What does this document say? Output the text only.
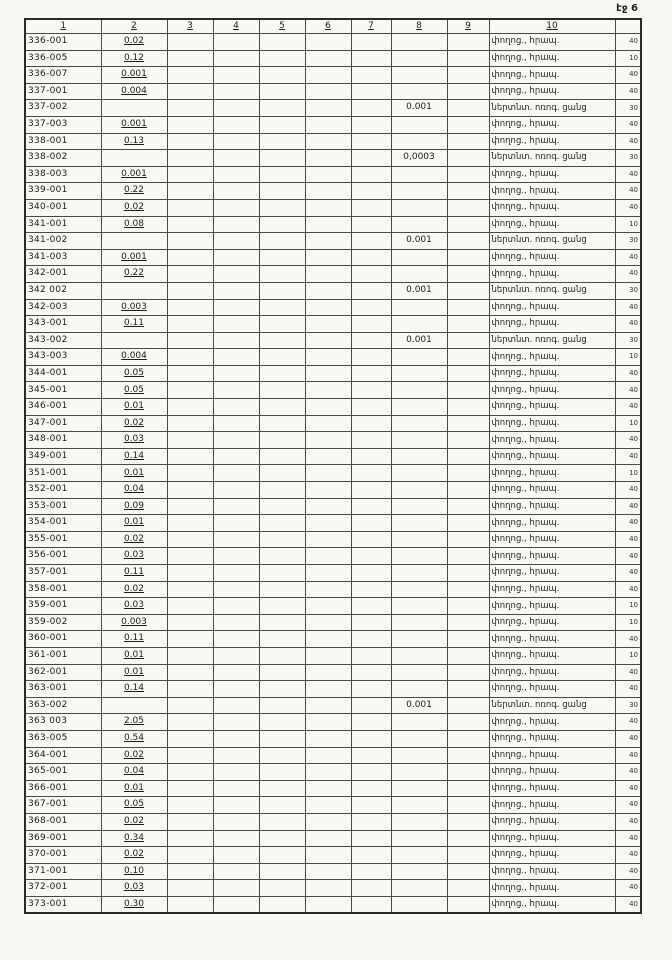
էջ 6
1	2	3	4	5	6	7	8	9	10	
336-001	0.02								փողոց., հրապ.	40
336-005	0.12								փողոց., հրապ.	10
336-007	0.001								փողոց., հրապ.	40
337-001	0.004								փողոց., հրապ.	40
337-002							0.001		ներտնտ. ոռոգ. ցանց	30
337-003	0.001								փողոց., հրապ.	40
338-001	0.13								փողոց., հրապ.	40
338-002							0,0003		ներտնտ. ոռոգ. ցանց	30
338-003	0.001								փողոց., հրապ.	40
339-001	0.22								փողոց., հրապ.	40
340-001	0.02								փողոց., հրապ.	40
341-001	0.08								փողոց., հրապ.	10
341-002							0.001		ներտնտ. ոռոգ. ցանց	30
341-003	0.001								փողոց., հրապ.	40
342-001	0.22								փողոց., հրապ.	40
342 002							0.001		ներտնտ. ոռոգ. ցանց	30
342-003	0.003								փողոց., հրապ.	40
343-001	0.11								փողոց., հրապ.	40
343-002							0.001		ներտնտ. ոռոգ. ցանց	30
343-003	0.004								փողոց., հրապ.	10
344-001	0.05								փողոց., հրապ.	40
345-001	0.05								փողոց., հրապ.	40
346-001	0.01								փողոց., հրապ.	40
347-001	0.02								փողոց., հրապ.	10
348-001	0.03								փողոց., հրապ.	40
349-001	0.14								փողոց., հրապ.	40
351-001	0.01								փողոց., հրապ.	10
352-001	0.04								փողոց., հրապ.	40
353-001	0.09								փողոց., հրապ.	40
354-001	0.01								փողոց., հրապ.	40
355-001	0.02								փողոց., հրապ.	40
356-001	0.03								փողոց., հրապ.	40
357-001	0.11								փողոց., հրապ.	40
358-001	0.02								փողոց., հրապ.	40
359-001	0.03								փողոց., հրապ.	10
359-002	0.003								փողոց., հրապ.	10
360-001	0.11								փողոց., հրապ.	40
361-001	0.01								փողոց., հրապ.	10
362-001	0.01								փողոց., հրապ.	40
363-001	0.14								փողոց., հրապ.	40
363-002							0.001		ներտնտ. ոռոգ. ցանց	30
363 003	2.05								փողոց., հրապ.	40
363-005	0.54								փողոց., հրապ.	40
364-001	0.02								փողոց., հրապ.	40
365-001	0.04								փողոց., հրապ.	40
366-001	0.01								փողոց., հրապ.	40
367-001	0.05								փողոց., հրապ.	40
368-001	0.02								փողոց., հրապ.	40
369-001	0.34								փողոց., հրապ.	40
370-001	0.02								փողոց., հրապ.	40
371-001	0.10								փողոց., հրապ.	40
372-001	0.03								փողոց., հրապ.	40
373-001	0.30								փողոց., հրապ.	40
